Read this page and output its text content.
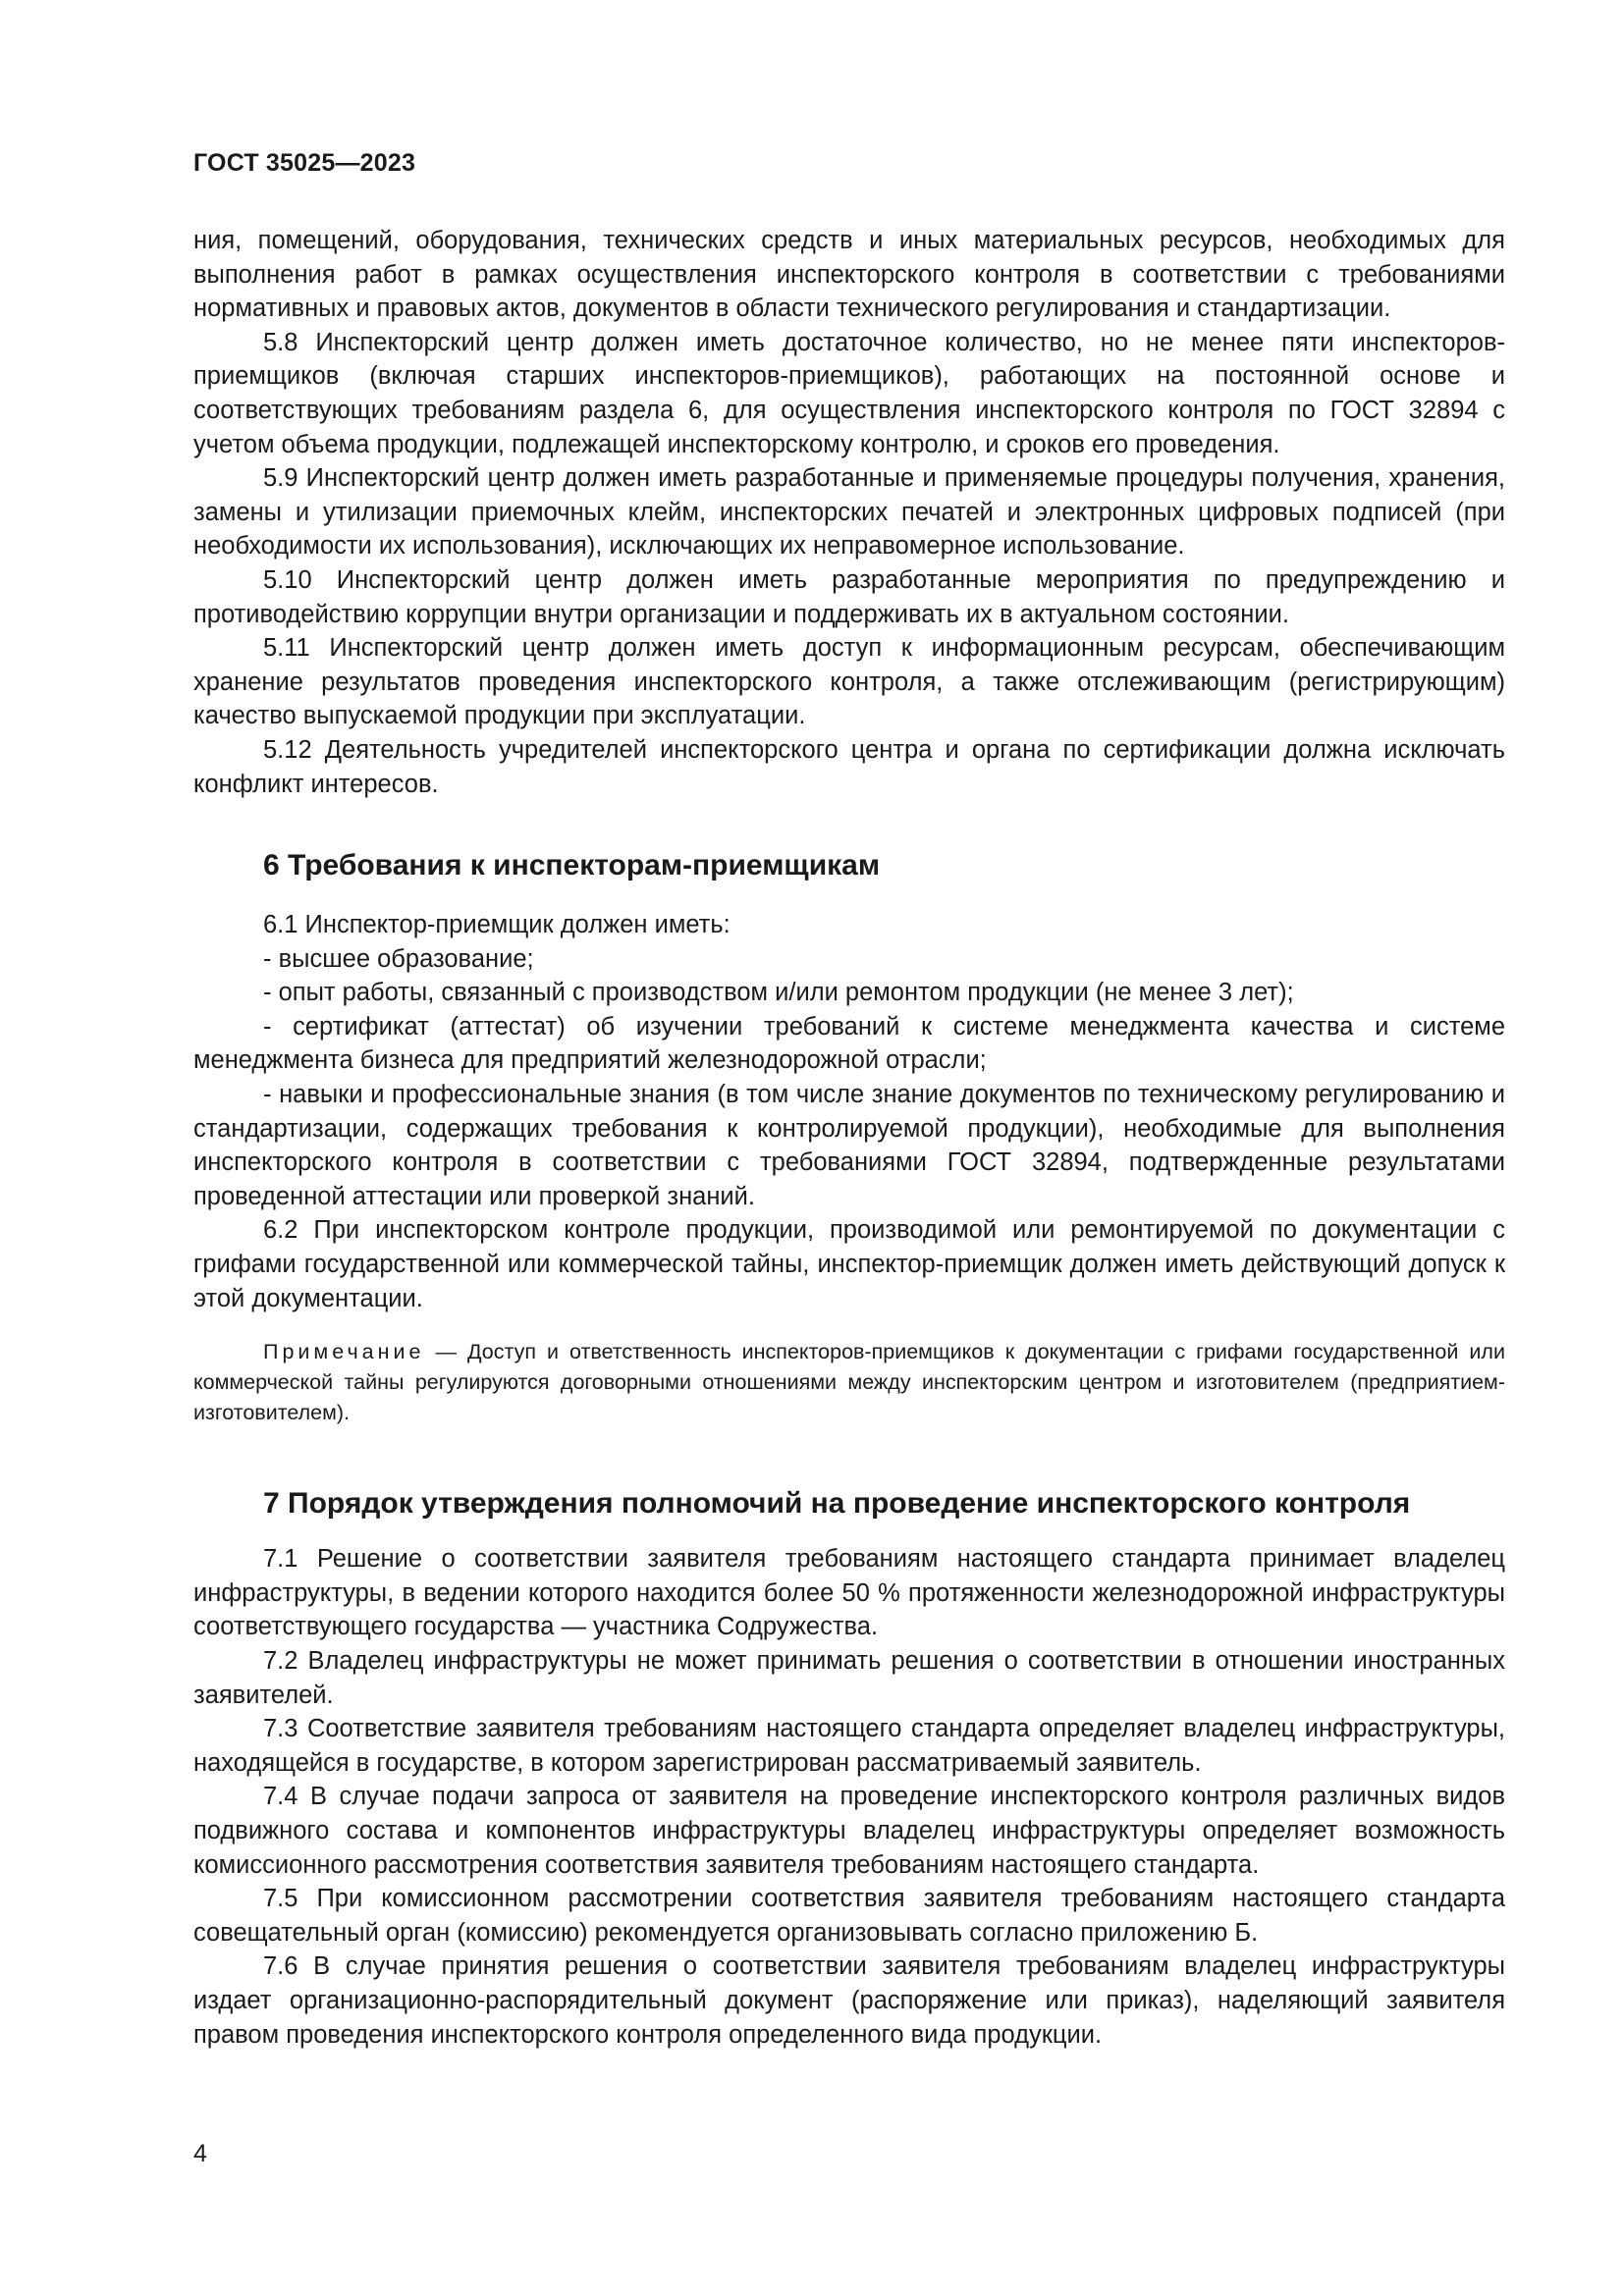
ГОСТ 35025—2023

ния, помещений, оборудования, технических средств и иных материальных ресурсов, необходимых для выполнения работ в рамках осуществления инспекторского контроля в соответствии с требованиями нормативных и правовых актов, документов в области технического регулирования и стандартизации.

5.8 Инспекторский центр должен иметь достаточное количество, но не менее пяти инспекторов-приемщиков (включая старших инспекторов-приемщиков), работающих на постоянной основе и соответствующих требованиям раздела 6, для осуществления инспекторского контроля по ГОСТ 32894 с учетом объема продукции, подлежащей инспекторскому контролю, и сроков его проведения.

5.9 Инспекторский центр должен иметь разработанные и применяемые процедуры получения, хранения, замены и утилизации приемочных клейм, инспекторских печатей и электронных цифровых подписей (при необходимости их использования), исключающих их неправомерное использование.

5.10 Инспекторский центр должен иметь разработанные мероприятия по предупреждению и противодействию коррупции внутри организации и поддерживать их в актуальном состоянии.

5.11 Инспекторский центр должен иметь доступ к информационным ресурсам, обеспечивающим хранение результатов проведения инспекторского контроля, а также отслеживающим (регистрирующим) качество выпускаемой продукции при эксплуатации.

5.12 Деятельность учредителей инспекторского центра и органа по сертификации должна исключать конфликт интересов.

6 Требования к инспекторам-приемщикам

6.1 Инспектор-приемщик должен иметь:

- высшее образование;

- опыт работы, связанный с производством и/или ремонтом продукции (не менее 3 лет);

- сертификат (аттестат) об изучении требований к системе менеджмента качества и системе менеджмента бизнеса для предприятий железнодорожной отрасли;

- навыки и профессиональные знания (в том числе знание документов по техническому регулированию и стандартизации, содержащих требования к контролируемой продукции), необходимые для выполнения инспекторского контроля в соответствии с требованиями ГОСТ 32894, подтвержденные результатами проведенной аттестации или проверкой знаний.

6.2 При инспекторском контроле продукции, производимой или ремонтируемой по документации с грифами государственной или коммерческой тайны, инспектор-приемщик должен иметь действующий допуск к этой документации.

Примечание — Доступ и ответственность инспекторов-приемщиков к документации с грифами государственной или коммерческой тайны регулируются договорными отношениями между инспекторским центром и изготовителем (предприятием-изготовителем).

7 Порядок утверждения полномочий на проведение инспекторского контроля

7.1 Решение о соответствии заявителя требованиям настоящего стандарта принимает владелец инфраструктуры, в ведении которого находится более 50 % протяженности железнодорожной инфраструктуры соответствующего государства — участника Содружества.

7.2 Владелец инфраструктуры не может принимать решения о соответствии в отношении иностранных заявителей.

7.3 Соответствие заявителя требованиям настоящего стандарта определяет владелец инфраструктуры, находящейся в государстве, в котором зарегистрирован рассматриваемый заявитель.

7.4 В случае подачи запроса от заявителя на проведение инспекторского контроля различных видов подвижного состава и компонентов инфраструктуры владелец инфраструктуры определяет возможность комиссионного рассмотрения соответствия заявителя требованиям настоящего стандарта.

7.5 При комиссионном рассмотрении соответствия заявителя требованиям настоящего стандарта совещательный орган (комиссию) рекомендуется организовывать согласно приложению Б.

7.6 В случае принятия решения о соответствии заявителя требованиям владелец инфраструктуры издает организационно-распорядительный документ (распоряжение или приказ), наделяющий заявителя правом проведения инспекторского контроля определенного вида продукции.

4
